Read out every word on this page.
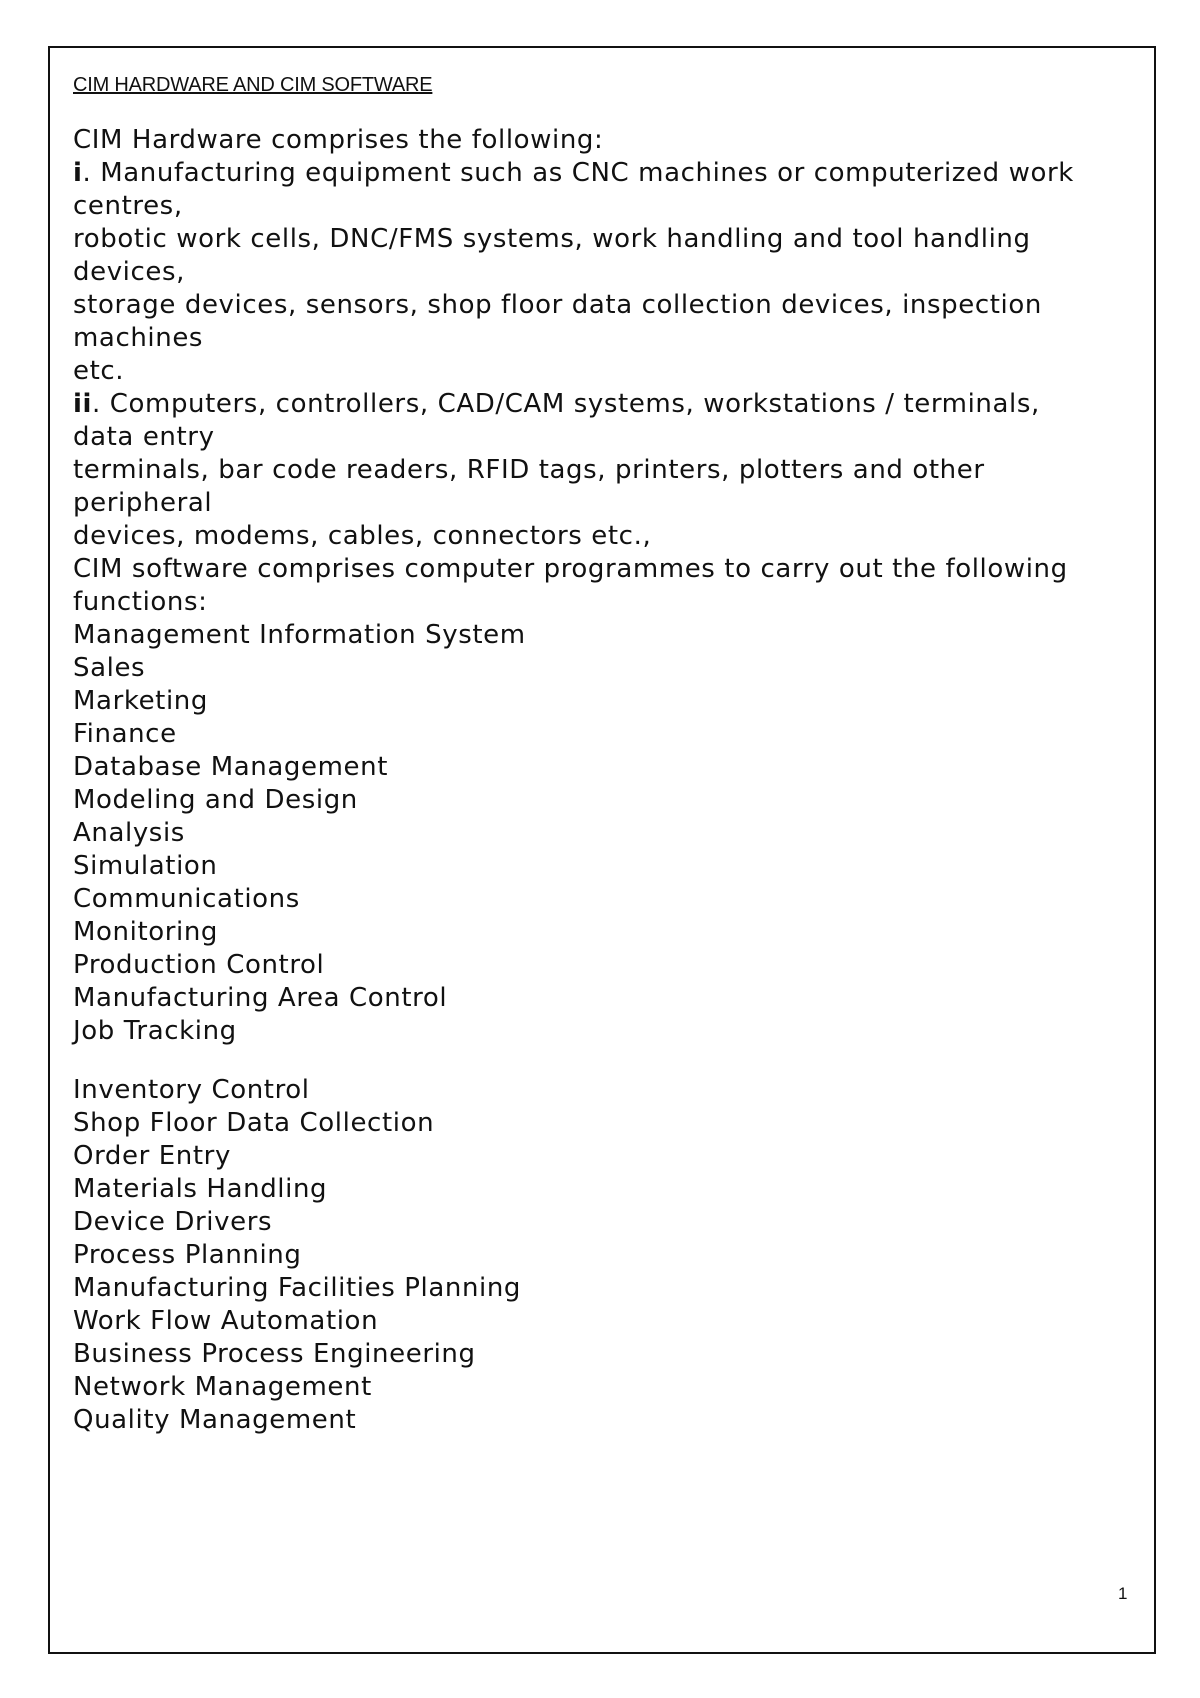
CIM HARDWARE AND CIM SOFTWARE
CIM Hardware comprises the following:
i. Manufacturing equipment such as CNC machines or computerized work
centres,
robotic work cells, DNC/FMS systems, work handling and tool handling
devices,
storage devices, sensors, shop floor data collection devices, inspection
machines
etc.
ii. Computers, controllers, CAD/CAM systems, workstations / terminals,
data entry
terminals, bar code readers, RFID tags, printers, plotters and other
peripheral
devices, modems, cables, connectors etc.,
CIM software comprises computer programmes to carry out the following
functions:
Management Information System
Sales
Marketing
Finance
Database Management
Modeling and Design
Analysis
Simulation
Communications
Monitoring
Production Control
Manufacturing Area Control
Job Tracking
Inventory Control
Shop Floor Data Collection
Order Entry
Materials Handling
Device Drivers
Process Planning
Manufacturing Facilities Planning
Work Flow Automation
Business Process Engineering
Network Management
Quality Management
1
